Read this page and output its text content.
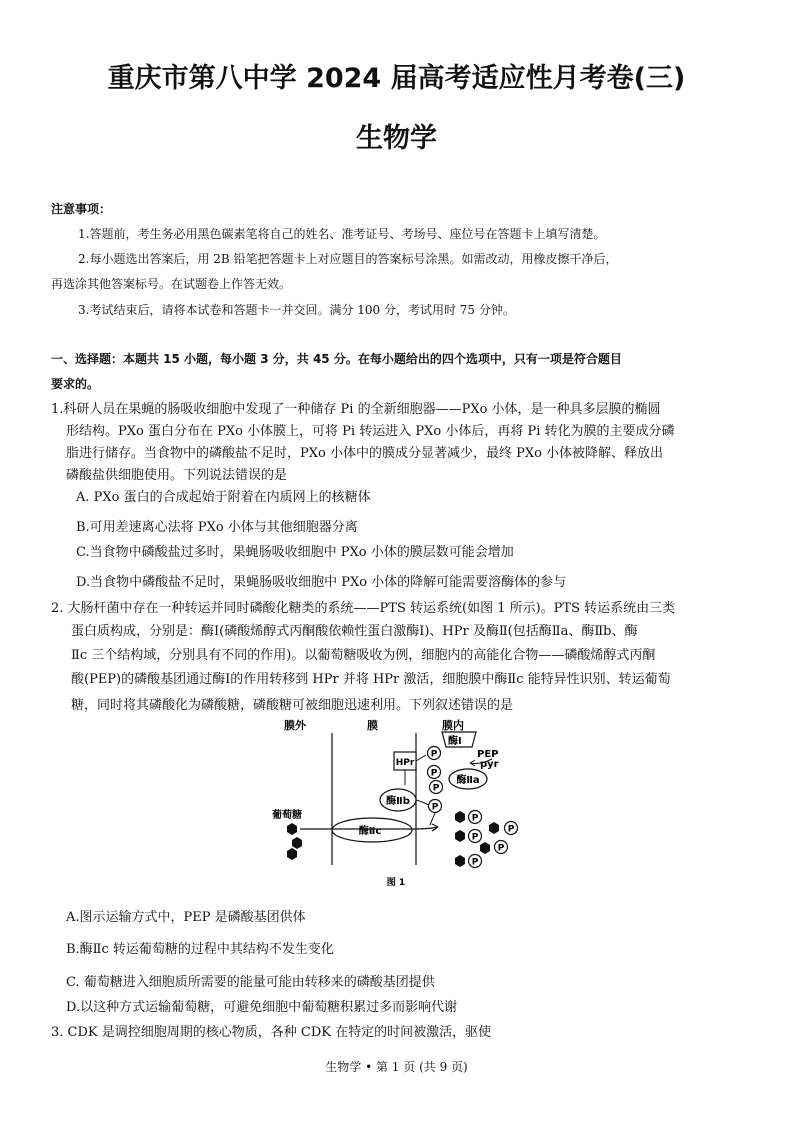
重庆市第八中学 2024 届高考适应性月考卷(三)
生物学
注意事项：
1.答题前，考生务必用黑色碳素笔将自己的姓名、准考证号、考场号、座位号在答题卡上填写清楚。
2.每小题选出答案后，用 2B 铅笔把答题卡上对应题目的答案标号涂黑。如需改动，用橡皮擦干净后，
再选涂其他答案标号。在试题卷上作答无效。
3.考试结束后，请将本试卷和答题卡一并交回。满分 100 分，考试用时 75 分钟。
一、选择题：本题共 15 小题，每小题 3 分，共 45 分。在每小题给出的四个选项中，只有一项是符合题目
要求的。
1.科研人员在果蝇的肠吸收细胞中发现了一种储存 Pi 的全新细胞器——PXo 小体，是一种具多层膜的椭圆
形结构。PXo 蛋白分布在 PXo 小体膜上，可将 Pi 转运进入 PXo 小体后，再将 Pi 转化为膜的主要成分磷
脂进行储存。当食物中的磷酸盐不足时，PXo 小体中的膜成分显著减少，最终 PXo 小体被降解、释放出
磷酸盐供细胞使用。下列说法错误的是
A. PXo 蛋白的合成起始于附着在内质网上的核糖体
B.可用差速离心法将 PXo 小体与其他细胞器分离
C.当食物中磷酸盐过多时，果蝇肠吸收细胞中 PXo 小体的膜层数可能会增加
D.当食物中磷酸盐不足时，果蝇肠吸收细胞中 PXo 小体的降解可能需要溶酶体的参与
2. 大肠杆菌中存在一种转运并同时磷酸化糖类的系统——PTS 转运系统(如图 1 所示)。PTS 转运系统由三类
蛋白质构成，分别是：酶Ⅰ(磷酸烯醇式丙酮酸依赖性蛋白激酶Ⅰ)、HPr 及酶Ⅱ(包括酶Ⅱa、酶Ⅱb、酶
Ⅱc 三个结构域，分别具有不同的作用)。以葡萄糖吸收为例，细胞内的高能化合物——磷酸烯醇式丙酮
酸(PEP)的磷酸基团通过酶Ⅰ的作用转移到 HPr 并将 HPr 激活，细胞膜中酶Ⅱc 能特异性识别、转运葡萄
糖，同时将其磷酸化为磷酸糖，磷酸糖可被细胞迅速利用。下列叙述错误的是
膜外	膜	膜内
酶Ⅰ
PEP
pyr
P
HPr
P
酶Ⅱa
P
酶Ⅱb
P
酶Ⅱc
葡萄糖	P
P
P
P
P
图 1
A.图示运输方式中，PEP 是磷酸基团供体
B.酶Ⅱc 转运葡萄糖的过程中其结构不发生变化
C. 葡萄糖进入细胞质所需要的能量可能由转移来的磷酸基团提供
D.以这种方式运输葡萄糖，可避免细胞中葡萄糖积累过多而影响代谢
3. CDK 是调控细胞周期的核心物质，各种 CDK 在特定的时间被激活，驱使
生物学 • 第 1 页 (共 9 页)
